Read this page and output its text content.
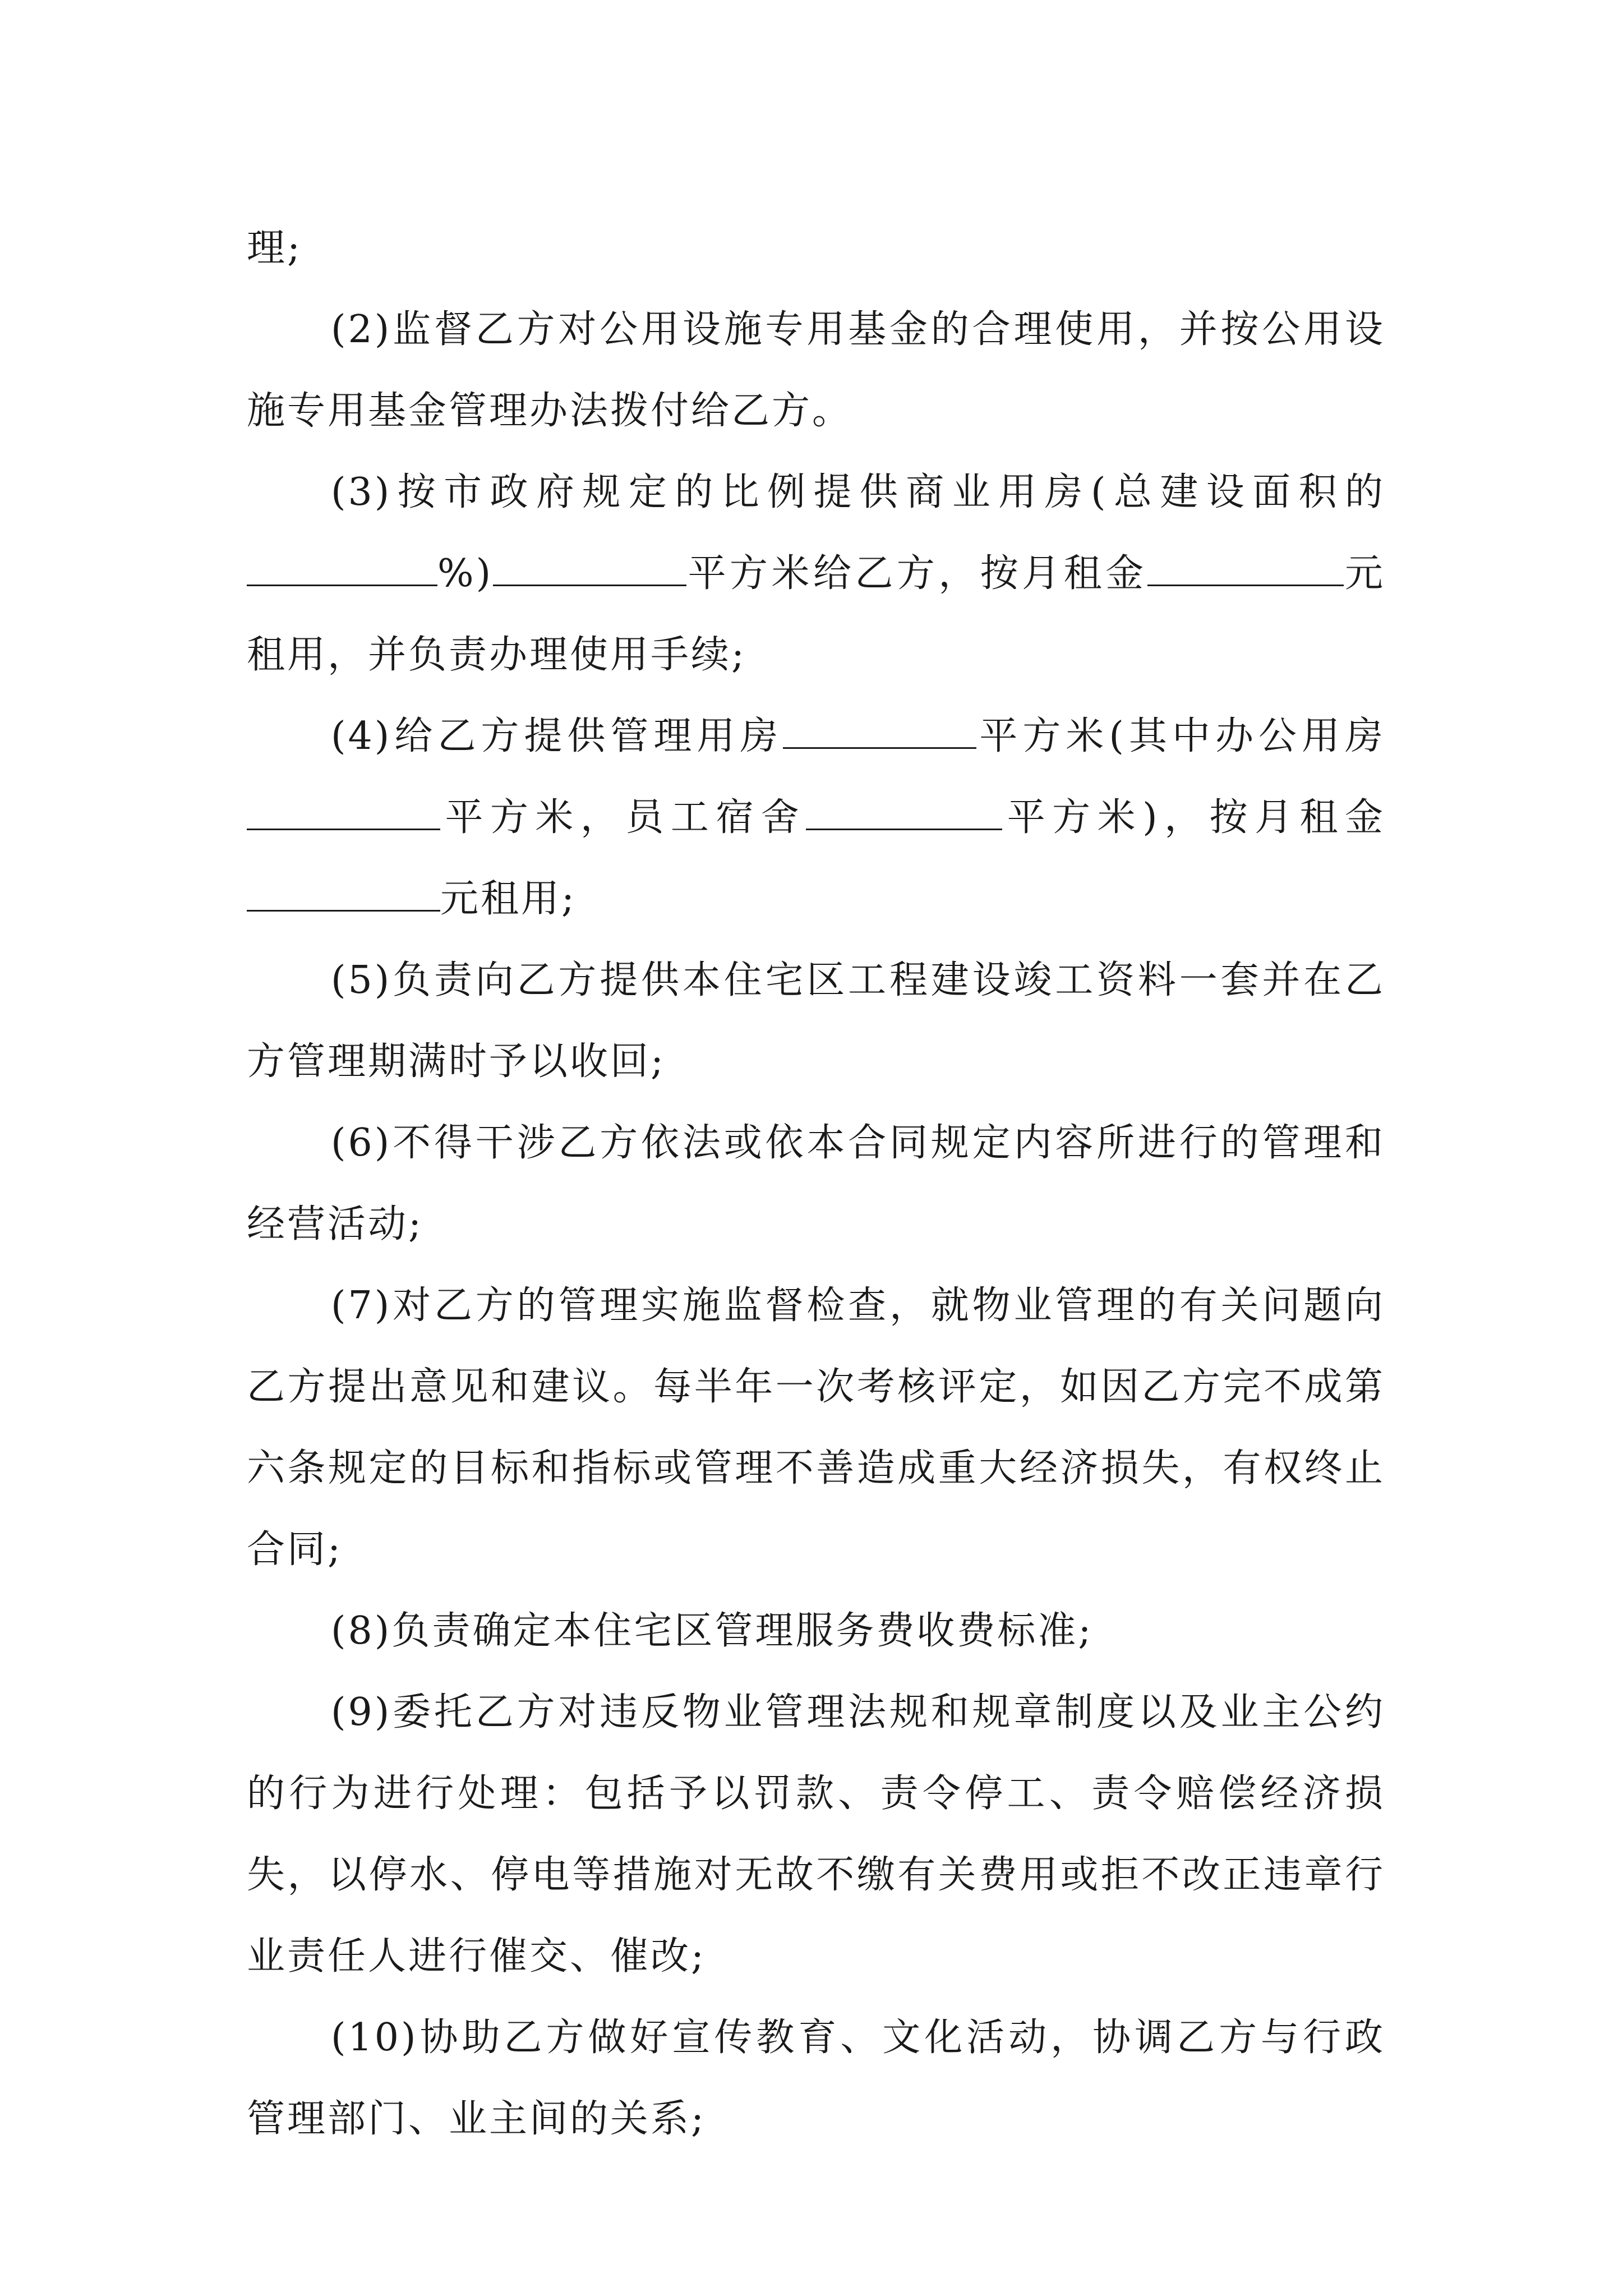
理;

(2)监督乙方对公用设施专用基金的合理使用，并按公用设施专用基金管理办法拨付给乙方。

(3)按市政府规定的比例提供商业用房(总建设面积的%)	平方米给乙方，按月租金	元租用，并负责办理使用手续;

(4)给乙方提供管理用房	平方米(其中办公用房平方米，员工宿舍	平方米)，按月租金元租用;

(5)负责向乙方提供本住宅区工程建设竣工资料一套并在乙方管理期满时予以收回;

(6)不得干涉乙方依法或依本合同规定内容所进行的管理和经营活动;

(7)对乙方的管理实施监督检查，就物业管理的有关问题向乙方提出意见和建议。每半年一次考核评定，如因乙方完不成第六条规定的目标和指标或管理不善造成重大经济损失，有权终止合同;

(8)负责确定本住宅区管理服务费收费标准;

(9)委托乙方对违反物业管理法规和规章制度以及业主公约的行为进行处理：包括予以罚款、责令停工、责令赔偿经济损失，以停水、停电等措施对无故不缴有关费用或拒不改正违章行业责任人进行催交、催改;

(10)协助乙方做好宣传教育、文化活动，协调乙方与行政管理部门、业主间的关系;
